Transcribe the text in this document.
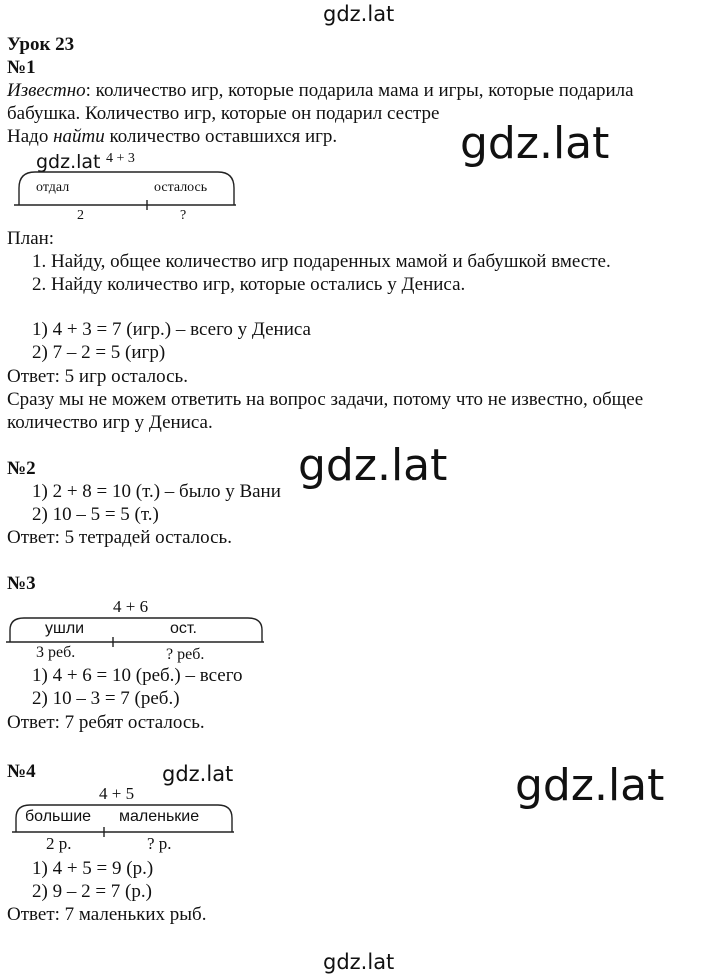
gdz.lat
gdz.lat
gdz.lat
gdz.lat	gdz.lat
gdz.lat
Урок 23
№1
Известно: количество игр, которые подарила мама и игры, которые подарила
бабушка. Количество игр, которые он подарил сестре
Надо найти количество оставшихся игр.
gdz.lat 4 + 3
отдал	осталось
2	?
План:
1. Найду, общее количество игр подаренных мамой и бабушкой вместе.
2. Найду количество игр, которые остались у Дениса.
1) 4 + 3 = 7 (игр.) – всего у Дениса
2) 7 – 2 = 5 (игр)
Ответ: 5 игр осталось.
Сразу мы не можем ответить на вопрос задачи, потому что не известно, общее
количество игр у Дениса.
№2
1) 2 + 8 = 10 (т.) – было у Вани
2) 10 – 5 = 5 (т.)
Ответ: 5 тетрадей осталось.
№3
4 + 6
ушли	ост.
3 реб.	? реб.
1) 4 + 6 = 10 (реб.) – всего
2) 10 – 3 = 7 (реб.)
Ответ: 7 ребят осталось.
№4
4 + 5
большие маленькие
2 р.	? р.
1) 4 + 5 = 9 (р.)
2) 9 – 2 = 7 (р.)
Ответ: 7 маленьких рыб.
